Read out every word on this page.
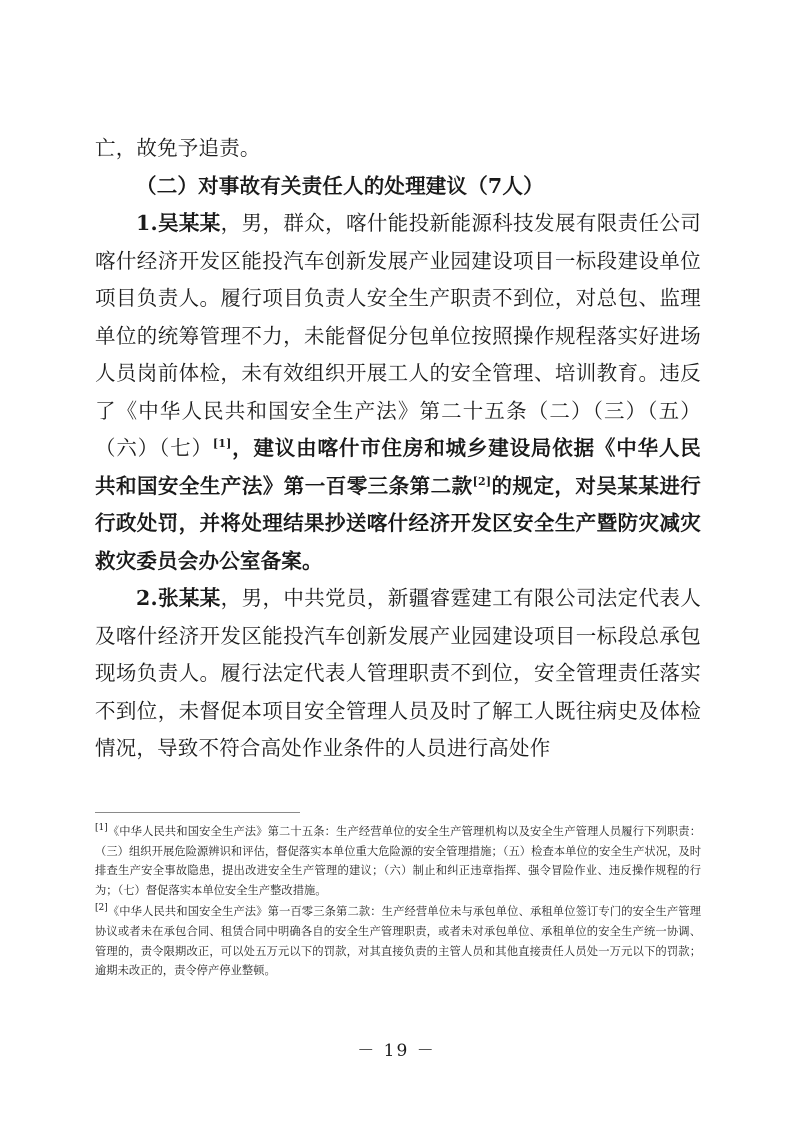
亡，故免予追责。

（二）对事故有关责任人的处理建议（7人）

1.吴某某，男，群众，喀什能投新能源科技发展有限责任公司喀什经济开发区能投汽车创新发展产业园建设项目一标段建设单位项目负责人。履行项目负责人安全生产职责不到位，对总包、监理单位的统筹管理不力，未能督促分包单位按照操作规程落实好进场人员岗前体检，未有效组织开展工人的安全管理、培训教育。违反了《中华人民共和国安全生产法》第二十五条（二）（三）（五）（六）（七）[1]，建议由喀什市住房和城乡建设局依据《中华人民共和国安全生产法》第一百零三条第二款[2]的规定，对吴某某进行行政处罚，并将处理结果抄送喀什经济开发区安全生产暨防灾减灾救灾委员会办公室备案。

2.张某某，男，中共党员，新疆睿霆建工有限公司法定代表人及喀什经济开发区能投汽车创新发展产业园建设项目一标段总承包现场负责人。履行法定代表人管理职责不到位，安全管理责任落实不到位，未督促本项目安全管理人员及时了解工人既往病史及体检情况，导致不符合高处作业条件的人员进行高处作

[1]《中华人民共和国安全生产法》第二十五条：生产经营单位的安全生产管理机构以及安全生产管理人员履行下列职责：（三）组织开展危险源辨识和评估，督促落实本单位重大危险源的安全管理措施；（五）检查本单位的安全生产状况，及时排查生产安全事故隐患，提出改进安全生产管理的建议；（六）制止和纠正违章指挥、强令冒险作业、违反操作规程的行为；（七）督促落实本单位安全生产整改措施。

[2]《中华人民共和国安全生产法》第一百零三条第二款：生产经营单位未与承包单位、承租单位签订专门的安全生产管理协议或者未在承包合同、租赁合同中明确各自的安全生产管理职责，或者未对承包单位、承租单位的安全生产统一协调、管理的，责令限期改正，可以处五万元以下的罚款，对其直接负责的主管人员和其他直接责任人员处一万元以下的罚款；逾期未改正的，责令停产停业整顿。

－ 19 －
